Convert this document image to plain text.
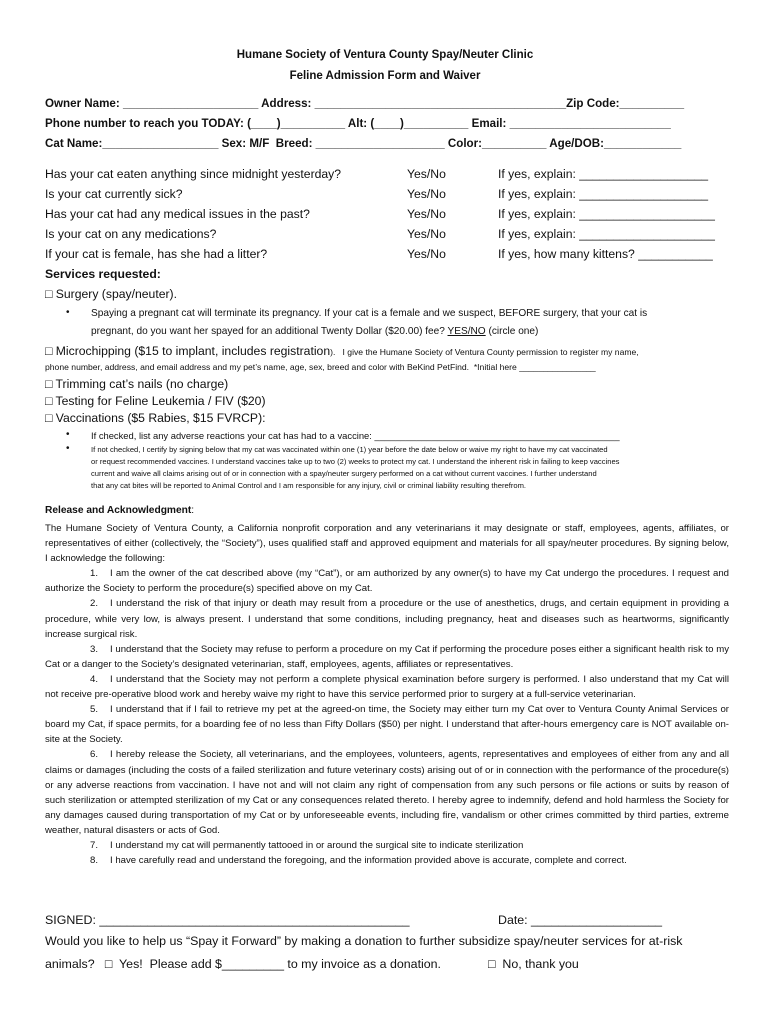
Humane Society of Ventura County Spay/Neuter Clinic
Feline Admission Form and Waiver
Owner Name: _____________________ Address: _______________________________________Zip Code:__________
Phone number to reach you TODAY: (____)__________ Alt: (____)__________ Email: _________________________
Cat Name:__________________ Sex: M/F  Breed: ____________________ Color:__________ Age/DOB:____________
Has your cat eaten anything since midnight yesterday?	Yes/No	If yes, explain: ___________________
Is your cat currently sick?	Yes/No	If yes, explain: ___________________
Has your cat had any medical issues in the past?	Yes/No	If yes, explain: ____________________
Is your cat on any medications?	Yes/No	If yes, explain: ____________________
If your cat is female, has she had a litter?	Yes/No	If yes, how many kittens? ___________
Services requested:
□ Surgery (spay/neuter).
• Spaying a pregnant cat will terminate its pregnancy. If your cat is a female and we suspect, BEFORE surgery, that your cat is
pregnant, do you want her spayed for an additional Twenty Dollar ($20.00) fee? YES/NO (circle one)
□ Microchipping ($15 to implant, includes registration).   I give the Humane Society of Ventura County permission to register my name,
phone number, address, and email address and my pet’s name, age, sex, breed and color with BeKind PetFind.  *Initial here ________________
□ Trimming cat’s nails (no charge)
□ Testing for Feline Leukemia / FIV ($20)
□ Vaccinations ($5 Rabies, $15 FVRCP):
• If checked, list any adverse reactions your cat has had to a vaccine: _______________________________________________
•	If not checked, I certify by signing below that my cat was vaccinated within one (1) year before the date below or waive my right to have my cat vaccinated
or request recommended vaccines. I understand vaccines take up to two (2) weeks to protect my cat. I understand the inherent risk in failing to keep vaccines
current and waive all claims arising out of or in connection with a spay/neuter surgery performed on a cat without current vaccines. I further understand
that any cat bites will be reported to Animal Control and I am responsible for any injury, civil or criminal liability resulting therefrom.
Release and Acknowledgment:
The Humane Society of Ventura County, a California nonprofit corporation and any veterinarians it may designate or staff, employees, agents, affiliates, or representatives of either (collectively, the “Society”), uses qualified staff and approved equipment and materials for all spay/neuter procedures. By signing below, I acknowledge the following:
1. I am the owner of the cat described above (my “Cat”), or am authorized by any owner(s) to have my Cat undergo the procedures. I request and authorize the Society to perform the procedure(s) specified above on my Cat.
2. I understand the risk of that injury or death may result from a procedure or the use of anesthetics, drugs, and certain equipment in providing a procedure, while very low, is always present. I understand that some conditions, including pregnancy, heat and diseases such as heartworms, significantly increase surgical risk.
3. I understand that the Society may refuse to perform a procedure on my Cat if performing the procedure poses either a significant health risk to my Cat or a danger to the Society’s designated veterinarian, staff, employees, agents, affiliates or representatives.
4. I understand that the Society may not perform a complete physical examination before surgery is performed. I also understand that my Cat will not receive pre-operative blood work and hereby waive my right to have this service performed prior to surgery at a full-service veterinarian.
5. I understand that if I fail to retrieve my pet at the agreed-on time, the Society may either turn my Cat over to Ventura County Animal Services or board my Cat, if space permits, for a boarding fee of no less than Fifty Dollars ($50) per night. I understand that after-hours emergency care is NOT available on-site at the Society.
6. I hereby release the Society, all veterinarians, and the employees, volunteers, agents, representatives and employees of either from any and all claims or damages (including the costs of a failed sterilization and future veterinary costs) arising out of or in connection with the performance of the procedure(s) or any adverse reactions from vaccination. I have not and will not claim any right of compensation from any such persons or file actions or suits by reason of such sterilization or attempted sterilization of my Cat or any consequences related thereto. I hereby agree to indemnify, defend and hold harmless the Society for any damages caused during transportation of my Cat or by unforeseeable events, including fire, vandalism or other crimes committed by third parties, extreme weather, natural disasters or acts of God.
7. I understand my cat will permanently tattooed in or around the surgical site to indicate sterilization
8. I have carefully read and understand the foregoing, and the information provided above is accurate, complete and correct.
SIGNED: _____________________________________________	Date: ___________________
Would you like to help us “Spay it Forward” by making a donation to further subsidize spay/neuter services for at-risk
animals?   □  Yes!  Please add $_________ to my invoice as a donation.	□  No, thank you
